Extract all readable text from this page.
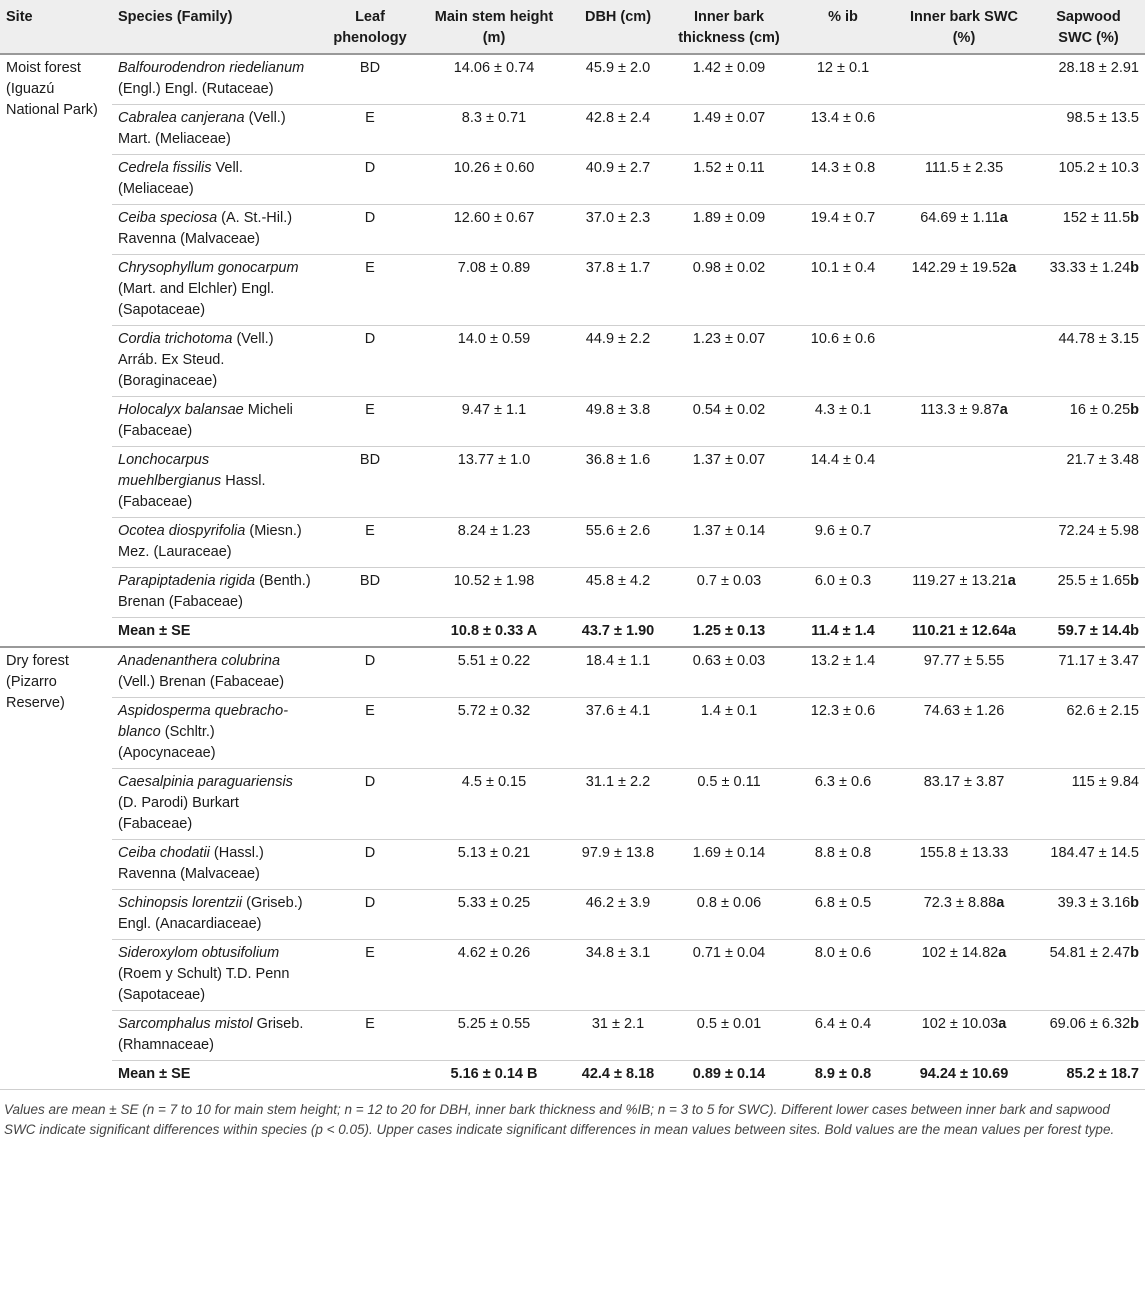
Site	Species (Family)	Leaf phenology	Main stem height (m)	DBH (cm)	Inner bark thickness (cm)	% ib	Inner bark SWC (%)	Sapwood SWC (%)
Moist forest (Iguazú National Park)	Balfourodendron riedelianum (Engl.) Engl. (Rutaceae)	BD	14.06 ± 0.74	45.9 ± 2.0	1.42 ± 0.09	12 ± 0.1		28.18 ± 2.91
	Cabralea canjerana (Vell.) Mart. (Meliaceae)	E	8.3 ± 0.71	42.8 ± 2.4	1.49 ± 0.07	13.4 ± 0.6		98.5 ± 13.5
	Cedrela fissilis Vell. (Meliaceae)	D	10.26 ± 0.60	40.9 ± 2.7	1.52 ± 0.11	14.3 ± 0.8	111.5 ± 2.35	105.2 ± 10.3
	Ceiba speciosa (A. St.-Hil.) Ravenna (Malvaceae)	D	12.60 ± 0.67	37.0 ± 2.3	1.89 ± 0.09	19.4 ± 0.7	64.69 ± 1.11a	152 ± 11.5b
	Chrysophyllum gonocarpum (Mart. and Elchler) Engl. (Sapotaceae)	E	7.08 ± 0.89	37.8 ± 1.7	0.98 ± 0.02	10.1 ± 0.4	142.29 ± 19.52a	33.33 ± 1.24b
	Cordia trichotoma (Vell.) Arráb. Ex Steud. (Boraginaceae)	D	14.0 ± 0.59	44.9 ± 2.2	1.23 ± 0.07	10.6 ± 0.6		44.78 ± 3.15
	Holocalyx balansae Micheli (Fabaceae)	E	9.47 ± 1.1	49.8 ± 3.8	0.54 ± 0.02	4.3 ± 0.1	113.3 ± 9.87a	16 ± 0.25b
	Lonchocarpus muehlbergianus Hassl. (Fabaceae)	BD	13.77 ± 1.0	36.8 ± 1.6	1.37 ± 0.07	14.4 ± 0.4		21.7 ± 3.48
	Ocotea diospyrifolia (Miesn.) Mez. (Lauraceae)	E	8.24 ± 1.23	55.6 ± 2.6	1.37 ± 0.14	9.6 ± 0.7		72.24 ± 5.98
	Parapiptadenia rigida (Benth.) Brenan (Fabaceae)	BD	10.52 ± 1.98	45.8 ± 4.2	0.7 ± 0.03	6.0 ± 0.3	119.27 ± 13.21a	25.5 ± 1.65b
	Mean ± SE		10.8 ± 0.33 A	43.7 ± 1.90	1.25 ± 0.13	11.4 ± 1.4	110.21 ± 12.64a	59.7 ± 14.4b
Dry forest (Pizarro Reserve)	Anadenanthera colubrina (Vell.) Brenan (Fabaceae)	D	5.51 ± 0.22	18.4 ± 1.1	0.63 ± 0.03	13.2 ± 1.4	97.77 ± 5.55	71.17 ± 3.47
	Aspidosperma quebracho-blanco (Schltr.) (Apocynaceae)	E	5.72 ± 0.32	37.6 ± 4.1	1.4 ± 0.1	12.3 ± 0.6	74.63 ± 1.26	62.6 ± 2.15
	Caesalpinia paraguariensis (D. Parodi) Burkart (Fabaceae)	D	4.5 ± 0.15	31.1 ± 2.2	0.5 ± 0.11	6.3 ± 0.6	83.17 ± 3.87	115 ± 9.84
	Ceiba chodatii (Hassl.) Ravenna (Malvaceae)	D	5.13 ± 0.21	97.9 ± 13.8	1.69 ± 0.14	8.8 ± 0.8	155.8 ± 13.33	184.47 ± 14.5
	Schinopsis lorentzii (Griseb.) Engl. (Anacardiaceae)	D	5.33 ± 0.25	46.2 ± 3.9	0.8 ± 0.06	6.8 ± 0.5	72.3 ± 8.88a	39.3 ± 3.16b
	Sideroxylom obtusifolium (Roem y Schult) T.D. Penn (Sapotaceae)	E	4.62 ± 0.26	34.8 ± 3.1	0.71 ± 0.04	8.0 ± 0.6	102 ± 14.82a	54.81 ± 2.47b
	Sarcomphalus mistol Griseb. (Rhamnaceae)	E	5.25 ± 0.55	31 ± 2.1	0.5 ± 0.01	6.4 ± 0.4	102 ± 10.03a	69.06 ± 6.32b
	Mean ± SE		5.16 ± 0.14 B	42.4 ± 8.18	0.89 ± 0.14	8.9 ± 0.8	94.24 ± 10.69	85.2 ± 18.7
Values are mean ± SE (n = 7 to 10 for main stem height; n = 12 to 20 for DBH, inner bark thickness and %IB; n = 3 to 5 for SWC). Different lower cases between inner bark and sapwood SWC indicate significant differences within species (p < 0.05). Upper cases indicate significant differences in mean values between sites. Bold values are the mean values per forest type.
